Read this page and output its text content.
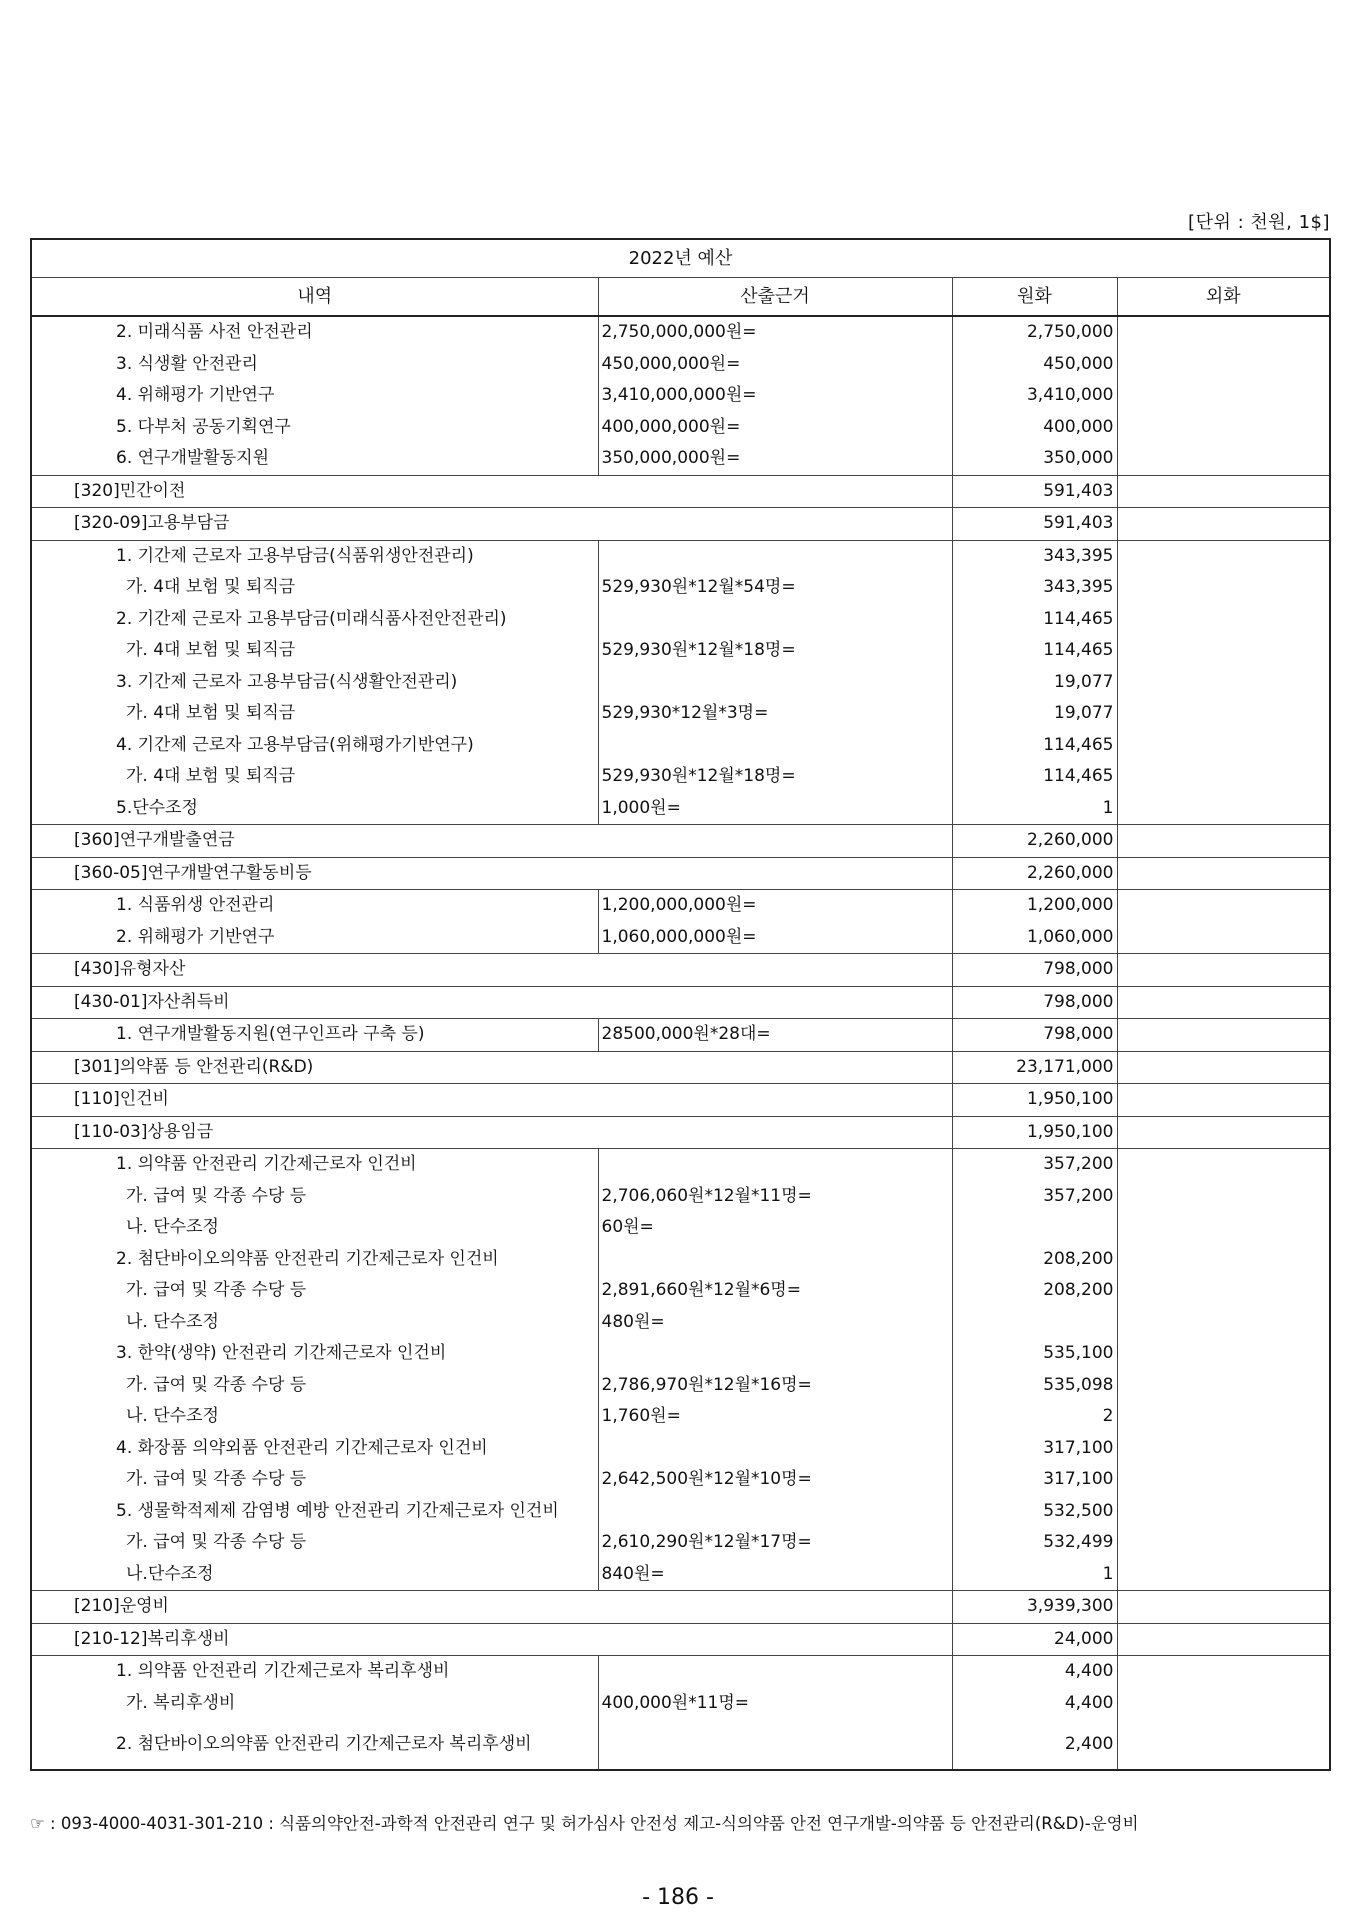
[단위 : 천원, 1$]
2022년 예산			
내역	산출근거	원화	외화
2. 미래식품 사전 안전관리	2,750,000,000원=	2,750,000	
3. 식생활 안전관리	450,000,000원=	450,000	
4. 위해평가 기반연구	3,410,000,000원=	3,410,000	
5. 다부처 공동기획연구	400,000,000원=	400,000	
6. 연구개발활동지원	350,000,000원=	350,000	
[320]민간이전		591,403	
[320-09]고용부담금		591,403	
1. 기간제 근로자 고용부담금(식품위생안전관리)		343,395	
가. 4대 보험 및 퇴직금	529,930원*12월*54명=	343,395	
2. 기간제 근로자 고용부담금(미래식품사전안전관리)		114,465	
가. 4대 보험 및 퇴직금	529,930원*12월*18명=	114,465	
3. 기간제 근로자 고용부담금(식생활안전관리)		19,077	
가. 4대 보험 및 퇴직금	529,930*12월*3명=	19,077	
4. 기간제 근로자 고용부담금(위해평가기반연구)		114,465	
가. 4대 보험 및 퇴직금	529,930원*12월*18명=	114,465	
5.단수조정	1,000원=	1	
[360]연구개발출연금		2,260,000	
[360-05]연구개발연구활동비등		2,260,000	
1. 식품위생 안전관리	1,200,000,000원=	1,200,000	
2. 위해평가 기반연구	1,060,000,000원=	1,060,000	
[430]유형자산		798,000	
[430-01]자산취득비		798,000	
1. 연구개발활동지원(연구인프라 구축 등)	28500,000원*28대=	798,000	
[301]의약품 등 안전관리(R&D)		23,171,000	
[110]인건비		1,950,100	
[110-03]상용임금		1,950,100	
1. 의약품 안전관리 기간제근로자 인건비		357,200	
가. 급여 및 각종 수당 등	2,706,060원*12월*11명=	357,200	
나. 단수조정	60원=		
2. 첨단바이오의약품 안전관리 기간제근로자 인건비		208,200	
가. 급여 및 각종 수당 등	2,891,660원*12월*6명=	208,200	
나. 단수조정	480원=		
3. 한약(생약) 안전관리 기간제근로자 인건비		535,100	
가. 급여 및 각종 수당 등	2,786,970원*12월*16명=	535,098	
나. 단수조정	1,760원=	2	
4. 화장품 의약외품 안전관리 기간제근로자 인건비		317,100	
가. 급여 및 각종 수당 등	2,642,500원*12월*10명=	317,100	
5. 생물학적제제 감염병 예방 안전관리 기간제근로자 인건비		532,500	
가. 급여 및 각종 수당 등	2,610,290원*12월*17명=	532,499	
나.단수조정	840원=	1	
[210]운영비		3,939,300	
[210-12]복리후생비		24,000	
1. 의약품 안전관리 기간제근로자 복리후생비		4,400	
가. 복리후생비	400,000원*11명=	4,400	
2. 첨단바이오의약품 안전관리 기간제근로자 복리후생비		2,400	
☞ : 093-4000-4031-301-210 : 식품의약안전-과학적 안전관리 연구 및 허가심사 안전성 제고-식의약품 안전 연구개발-의약품 등 안전관리(R&D)-운영비
- 186 -
